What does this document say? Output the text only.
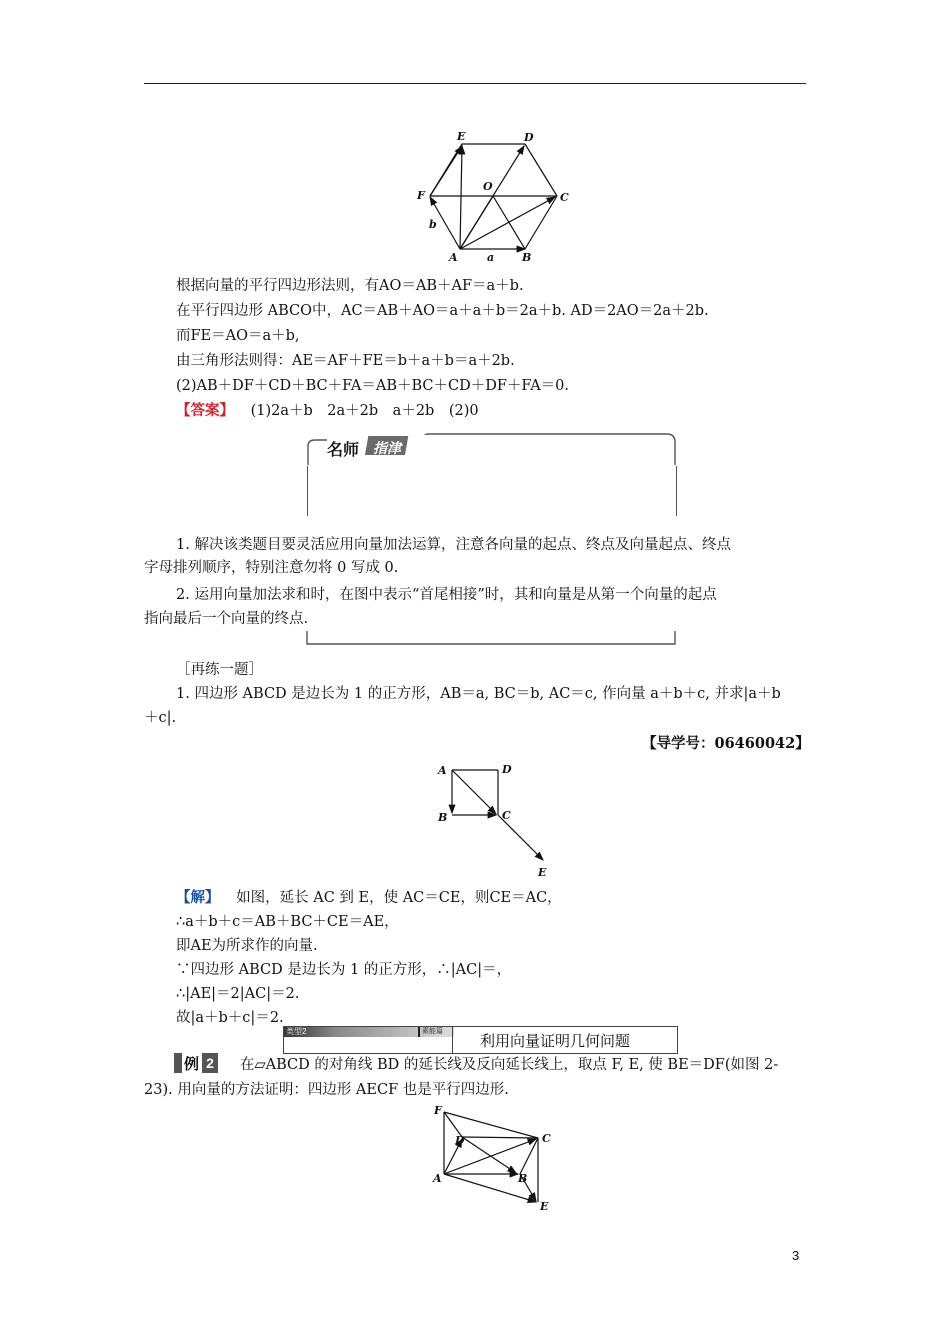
E	D
F
O
C
b
A	a	B
根据向量的平行四边形法则，有AO＝AB＋AF＝a＋b.
在平行四边形 ABCO中，AC＝AB＋AO＝a＋a＋b＝2a＋b. AD＝2AO＝2a＋2b.
而FE＝AO＝a＋b,
由三角形法则得：AE＝AF＋FE＝b＋a＋b＝a＋2b.
(2)AB＋DF＋CD＋BC＋FA＝AB＋BC＋CD＋DF＋FA＝0.
【答案】 (1)2a＋b　2a＋2b　a＋2b　(2)0
名师 指津
1. 解决该类题目要灵活应用向量加法运算，注意各向量的起点、终点及向量起点、终点
字母排列顺序，特别注意勿将 0 写成 0.
2. 运用向量加法求和时，在图中表示“首尾相接”时，其和向量是从第一个向量的起点
指向最后一个向量的终点.
［再练一题］
1. 四边形 ABCD 是边长为 1 的正方形，AB＝a, BC＝b, AC＝c, 作向量 a＋b＋c, 并求|a＋b
＋c|.
【导学号：06460042】
A	D
B	C
E
【解】 如图，延长 AC 到 E，使 AC＝CE，则CE＝AC，
∴a＋b＋c＝AB＋BC＋CE＝AE，
即AE为所求作的向量.
∵四边形 ABCD 是边长为 1 的正方形，∴|AC|＝，
∴|AE|＝2|AC|＝2.
故|a＋b＋c|＝2.
类型2	素能篇
利用向量证明几何问题
例 2 在▱ABCD 的对角线 BD 的延长线及反向延长线上，取点 F, E, 使 BE＝DF(如图 2-
23). 用向量的方法证明：四边形 AECF 也是平行四边形.
F
D	C
A	B
E
3
